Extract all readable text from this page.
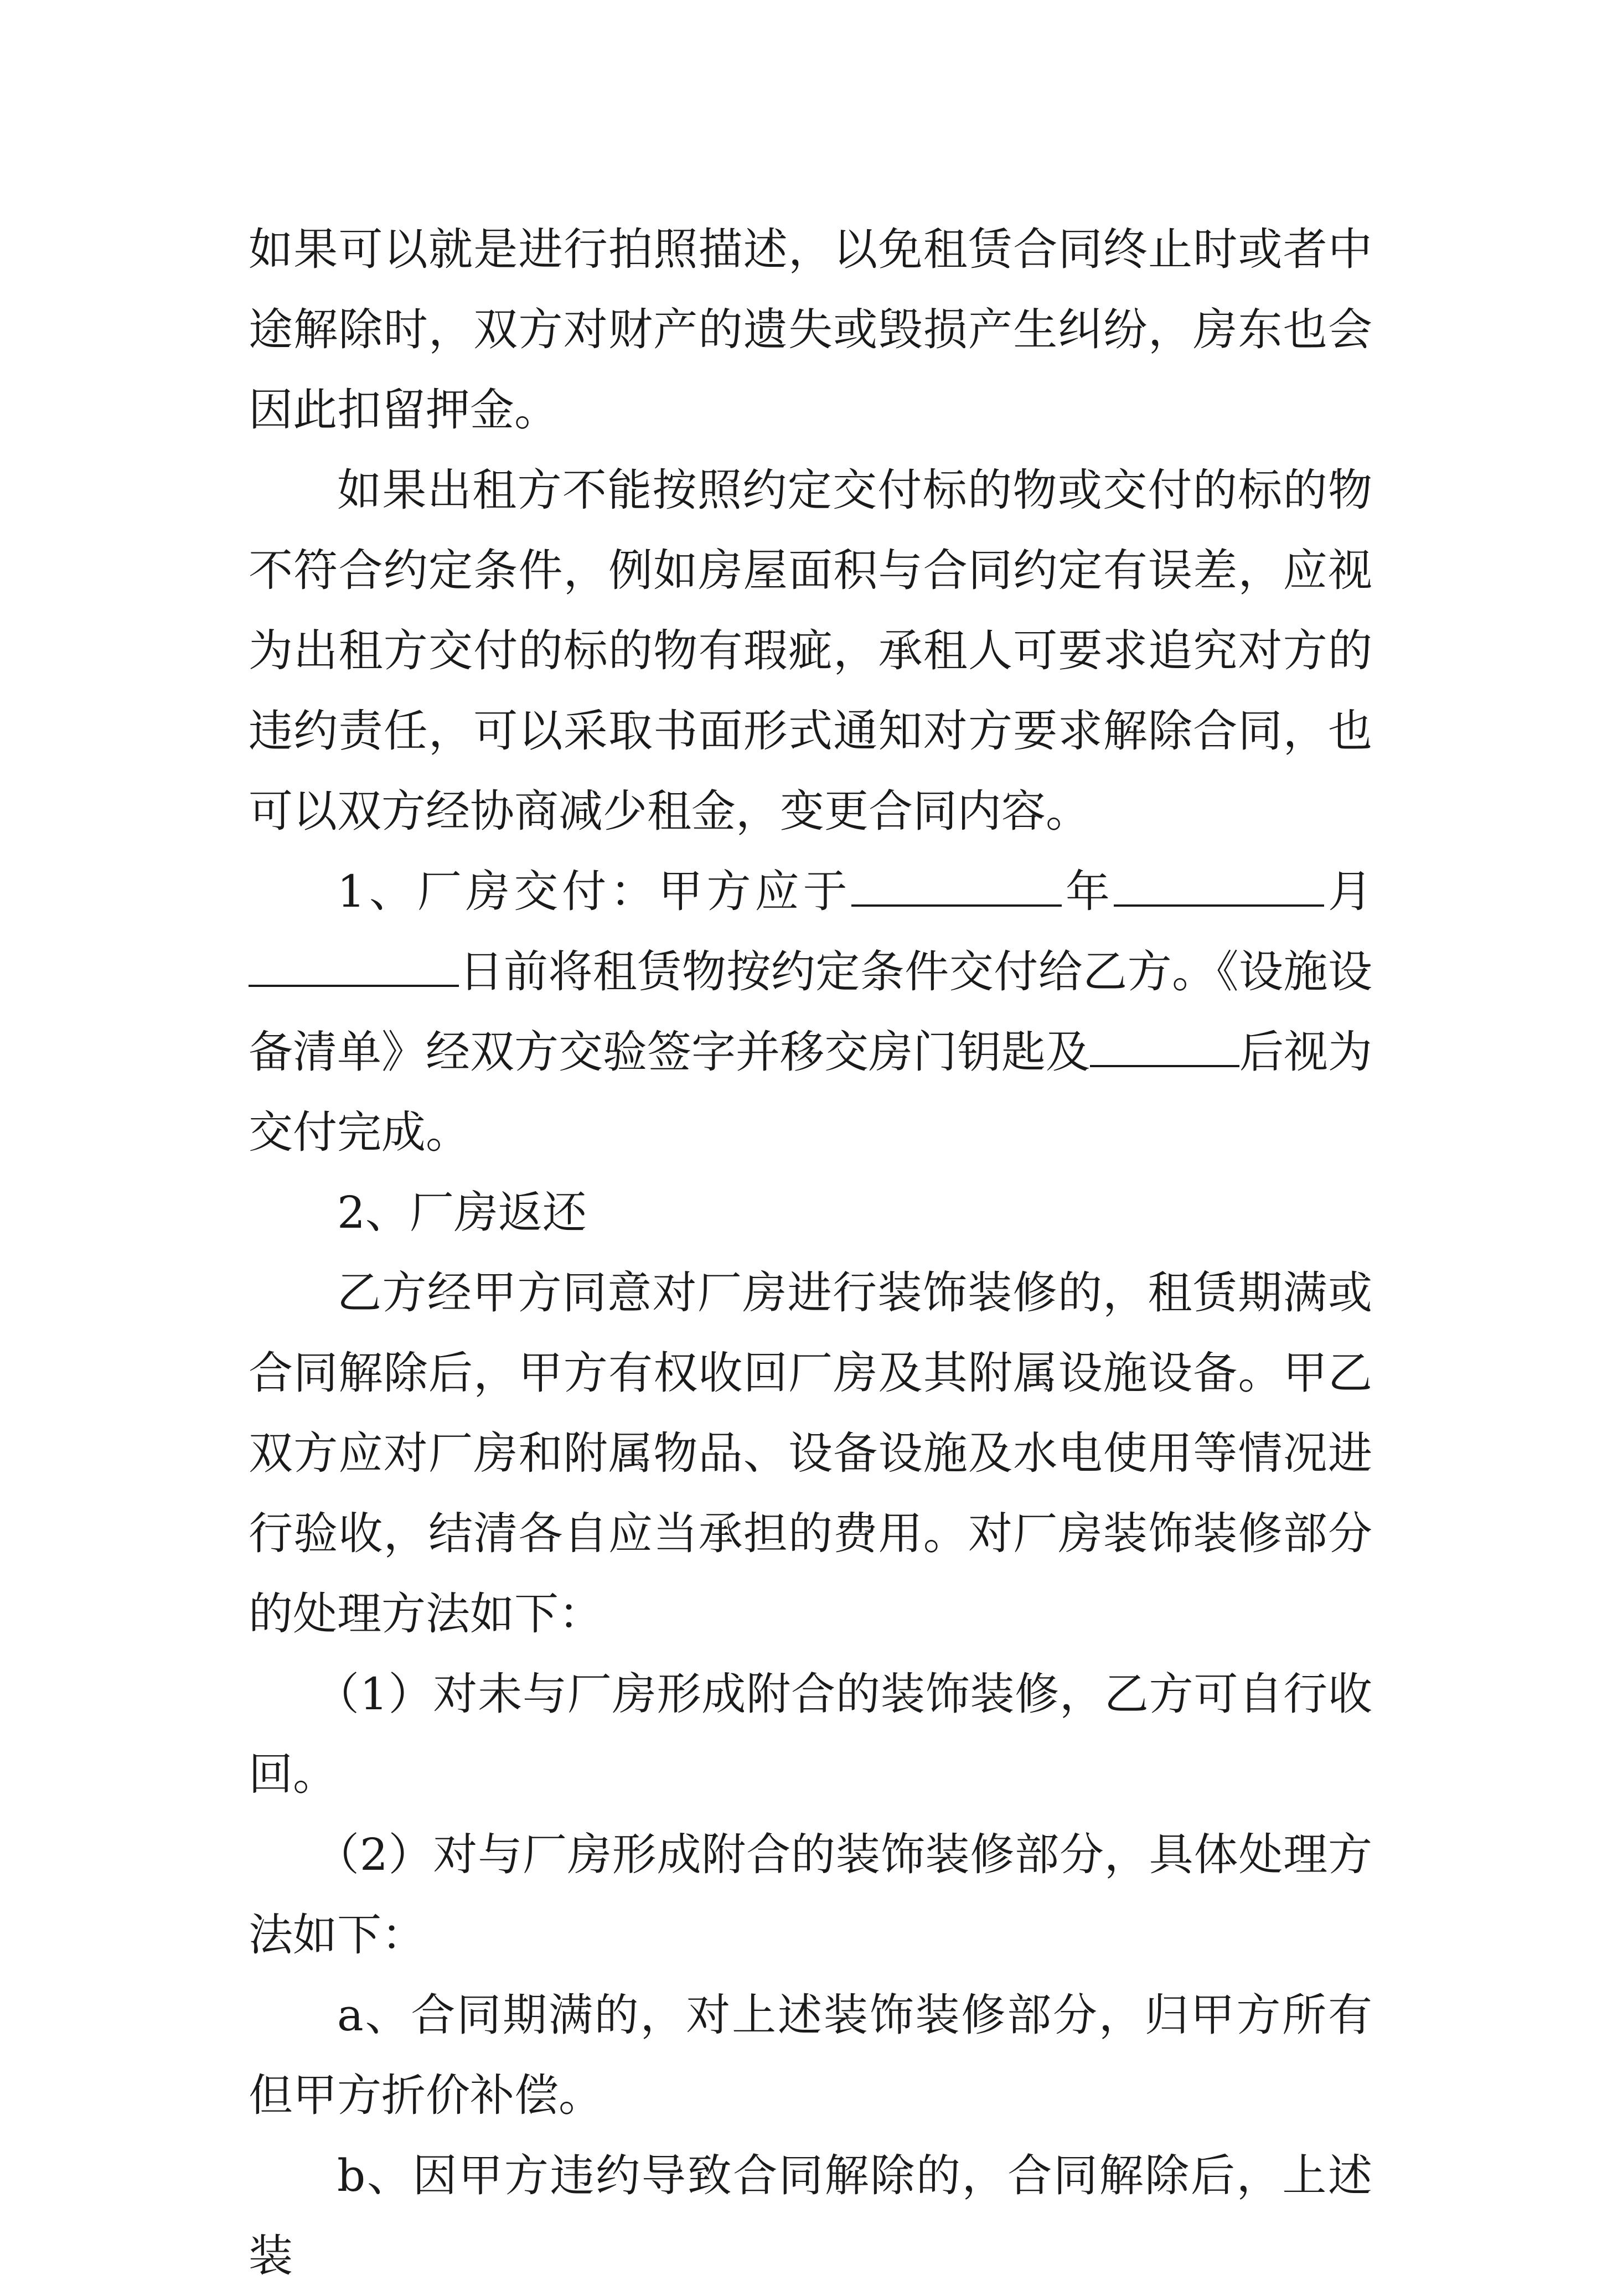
如果可以就是进行拍照描述，以免租赁合同终止时或者中途解除时，双方对财产的遗失或毁损产生纠纷，房东也会因此扣留押金。

如果出租方不能按照约定交付标的物或交付的标的物不符合约定条件，例如房屋面积与合同约定有误差，应视为出租方交付的标的物有瑕疵，承租人可要求追究对方的违约责任，可以采取书面形式通知对方要求解除合同，也可以双方经协商减少租金，变更合同内容。

1、厂房交付：甲方应于	年	月日前将租赁物按约定条件交付给乙方。《设施设备清单》经双方交验签字并移交房门钥匙及	后视为交付完成。

2、厂房返还

乙方经甲方同意对厂房进行装饰装修的，租赁期满或合同解除后，甲方有权收回厂房及其附属设施设备。甲乙双方应对厂房和附属物品、设备设施及水电使用等情况进行验收，结清各自应当承担的费用。对厂房装饰装修部分的处理方法如下：

（1）对未与厂房形成附合的装饰装修，乙方可自行收回。

（2）对与厂房形成附合的装饰装修部分，具体处理方法如下：

a、合同期满的，对上述装饰装修部分，归甲方所有但甲方折价补偿。

b、因甲方违约导致合同解除的，合同解除后，上述装
